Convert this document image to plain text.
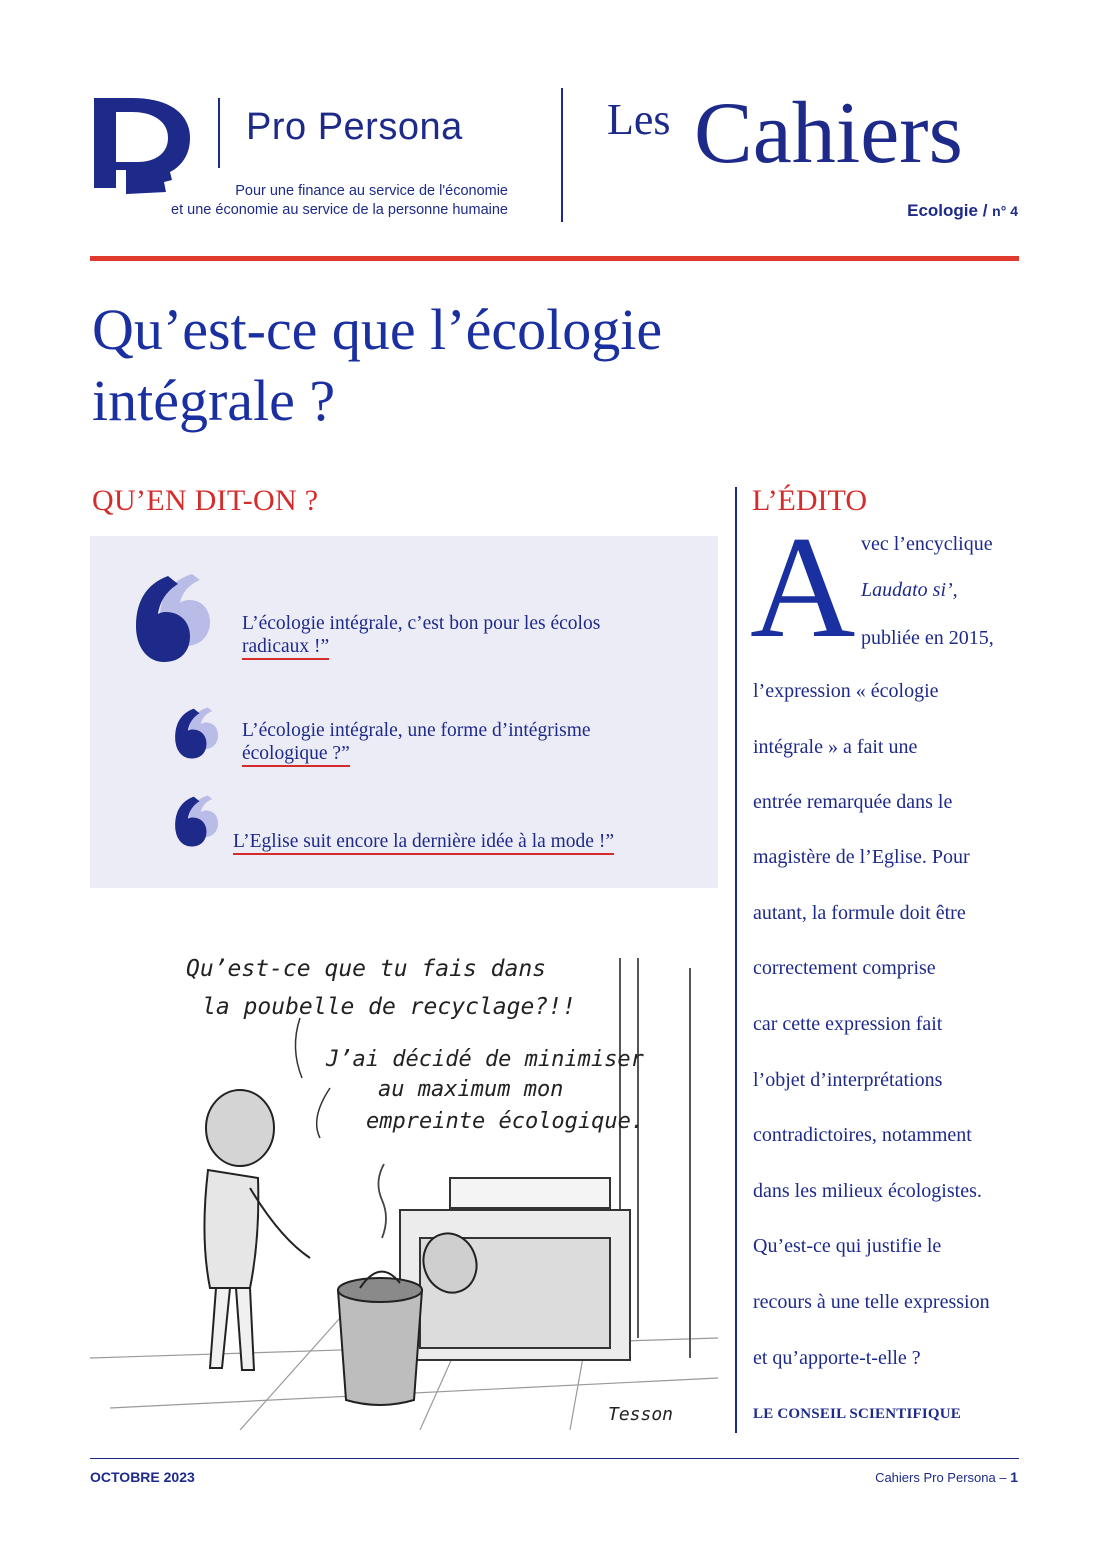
Pro Persona
Pour une finance au service de l'économie
et une économie au service de la personne humaine
Les Cahiers
Ecologie / n° 4
Qu’est-ce que l’écologie
intégrale ?
QU’EN DIT-ON ?
L’écologie intégrale, c’est bon pour les écolos
radicaux !”
L’écologie intégrale, une forme d’intégrisme
écologique ?”
L’Eglise suit encore la dernière idée à la mode !”
Qu’est-ce que tu fais dans
la poubelle de recyclage?!!
J’ai décidé de minimiser
au maximum mon
empreinte écologique.
Tesson
L’ÉDITO
A vec l’encyclique
Laudato si’,
publiée en 2015,
l’expression « écologie
intégrale » a fait une
entrée remarquée dans le
magistère de l’Eglise. Pour
autant, la formule doit être
correctement comprise
car cette expression fait
l’objet d’interprétations
contradictoires, notamment
dans les milieux écologistes.
Qu’est-ce qui justifie le
recours à une telle expression
et qu’apporte-t-elle ?
LE CONSEIL SCIENTIFIQUE
OCTOBRE 2023	Cahiers Pro Persona – 1
